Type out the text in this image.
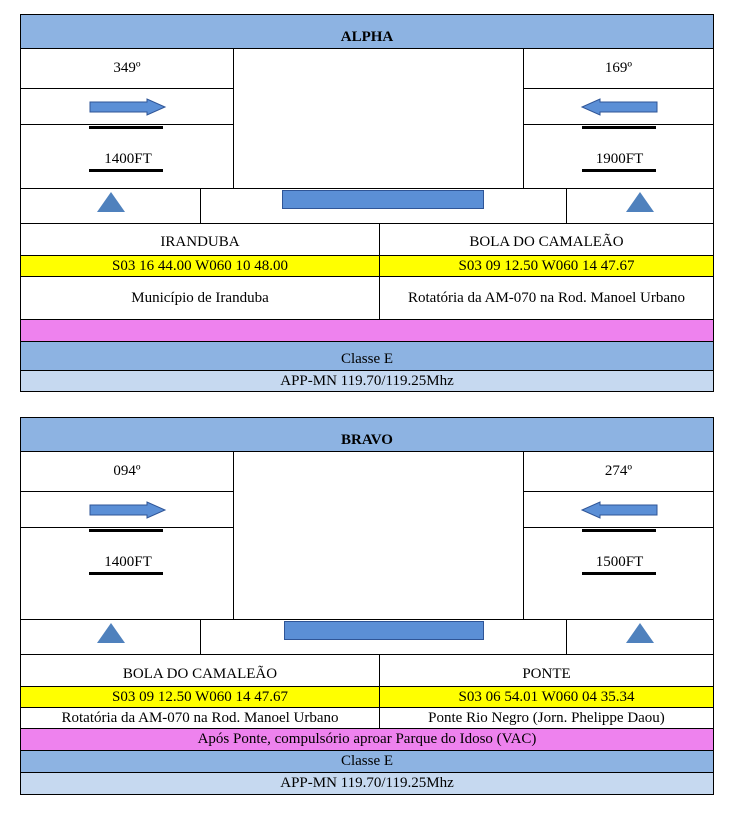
ALPHA
349º
1400FT
169º
1900FT
IRANDUBA	BOLA DO CAMALEÃO
S03 16 44.00 W060 10 48.00	S03 09 12.50 W060 14 47.67
Município de Iranduba	Rotatória da AM-070 na Rod. Manoel Urbano
Classe E
APP-MN 119.70/119.25Mhz
BRAVO
094º
1400FT
274º
1500FT
BOLA DO CAMALEÃO	PONTE
S03 09 12.50 W060 14 47.67	S03 06 54.01 W060 04 35.34
Rotatória da AM-070 na Rod. Manoel Urbano	Ponte Rio Negro (Jorn. Phelippe Daou)
Após Ponte, compulsório aproar Parque do Idoso (VAC)
Classe E
APP-MN 119.70/119.25Mhz
